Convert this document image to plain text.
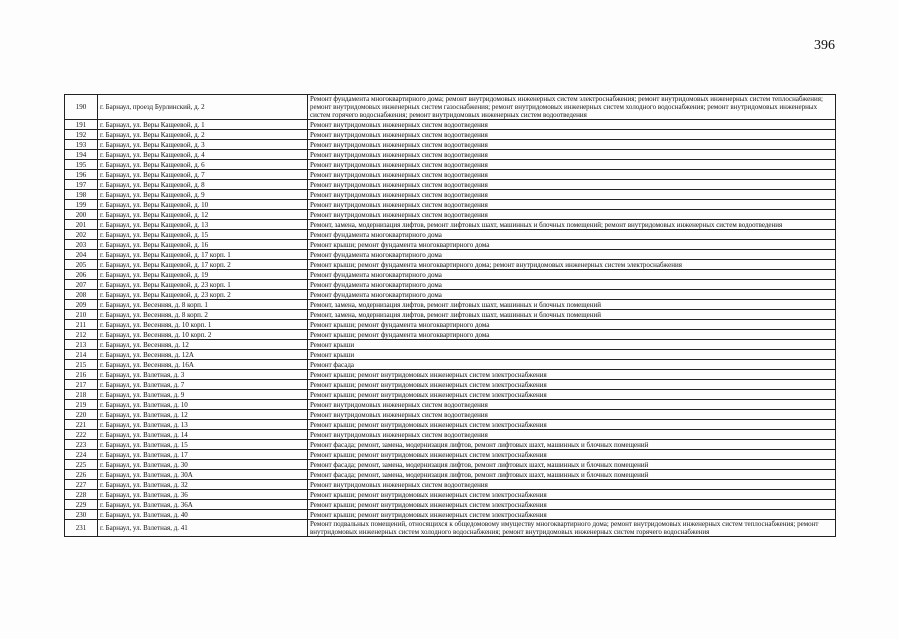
396
190	г. Барнаул, проезд Бурлинский, д. 2	Ремонт фундамента многоквартирного дома; ремонт внутридомовых инженерных систем электроснабжения; ремонт внутридомовых инженерных систем теплоснабжения; ремонт внутридомовых инженерных систем газоснабжения; ремонт внутридомовых инженерных систем холодного водоснабжения; ремонт внутридомовых инженерных систем горячего водоснабжения; ремонт внутридомовых инженерных систем водоотведения
191	г. Барнаул, ул. Веры Кащеевой, д. 1	Ремонт внутридомовых инженерных систем водоотведения
192	г. Барнаул, ул. Веры Кащеевой, д. 2	Ремонт внутридомовых инженерных систем водоотведения
193	г. Барнаул, ул. Веры Кащеевой, д. 3	Ремонт внутридомовых инженерных систем водоотведения
194	г. Барнаул, ул. Веры Кащеевой, д. 4	Ремонт внутридомовых инженерных систем водоотведения
195	г. Барнаул, ул. Веры Кащеевой, д. 6	Ремонт внутридомовых инженерных систем водоотведения
196	г. Барнаул, ул. Веры Кащеевой, д. 7	Ремонт внутридомовых инженерных систем водоотведения
197	г. Барнаул, ул. Веры Кащеевой, д. 8	Ремонт внутридомовых инженерных систем водоотведения
198	г. Барнаул, ул. Веры Кащеевой, д. 9	Ремонт внутридомовых инженерных систем водоотведения
199	г. Барнаул, ул. Веры Кащеевой, д. 10	Ремонт внутридомовых инженерных систем водоотведения
200	г. Барнаул, ул. Веры Кащеевой, д. 12	Ремонт внутридомовых инженерных систем водоотведения
201	г. Барнаул, ул. Веры Кащеевой, д. 13	Ремонт, замена, модернизация лифтов, ремонт лифтовых шахт, машинных и блочных помещений; ремонт внутридомовых инженерных систем водоотведения
202	г. Барнаул, ул. Веры Кащеевой, д. 15	Ремонт фундамента многоквартирного дома
203	г. Барнаул, ул. Веры Кащеевой, д. 16	Ремонт крыши; ремонт фундамента многоквартирного дома
204	г. Барнаул, ул. Веры Кащеевой, д. 17 корп. 1	Ремонт фундамента многоквартирного дома
205	г. Барнаул, ул. Веры Кащеевой, д. 17 корп. 2	Ремонт крыши; ремонт фундамента многоквартирного дома; ремонт внутридомовых инженерных систем электроснабжения
206	г. Барнаул, ул. Веры Кащеевой, д. 19	Ремонт фундамента многоквартирного дома
207	г. Барнаул, ул. Веры Кащеевой, д. 23 корп. 1	Ремонт фундамента многоквартирного дома
208	г. Барнаул, ул. Веры Кащеевой, д. 23 корп. 2	Ремонт фундамента многоквартирного дома
209	г. Барнаул, ул. Весенняя, д. 8 корп. 1	Ремонт, замена, модернизация лифтов, ремонт лифтовых шахт, машинных и блочных помещений
210	г. Барнаул, ул. Весенняя, д. 8 корп. 2	Ремонт, замена, модернизация лифтов, ремонт лифтовых шахт, машинных и блочных помещений
211	г. Барнаул, ул. Весенняя, д. 10 корп. 1	Ремонт крыши; ремонт фундамента многоквартирного дома
212	г. Барнаул, ул. Весенняя, д. 10 корп. 2	Ремонт крыши; ремонт фундамента многоквартирного дома
213	г. Барнаул, ул. Весенняя, д. 12	Ремонт крыши
214	г. Барнаул, ул. Весенняя, д. 12А	Ремонт крыши
215	г. Барнаул, ул. Весенняя, д. 16А	Ремонт фасада
216	г. Барнаул, ул. Взлетная, д. 3	Ремонт крыши; ремонт внутридомовых инженерных систем электроснабжения
217	г. Барнаул, ул. Взлетная, д. 7	Ремонт крыши; ремонт внутридомовых инженерных систем электроснабжения
218	г. Барнаул, ул. Взлетная, д. 9	Ремонт крыши; ремонт внутридомовых инженерных систем электроснабжения
219	г. Барнаул, ул. Взлетная, д. 10	Ремонт внутридомовых инженерных систем водоотведения
220	г. Барнаул, ул. Взлетная, д. 12	Ремонт внутридомовых инженерных систем водоотведения
221	г. Барнаул, ул. Взлетная, д. 13	Ремонт крыши; ремонт внутридомовых инженерных систем электроснабжения
222	г. Барнаул, ул. Взлетная, д. 14	Ремонт внутридомовых инженерных систем водоотведения
223	г. Барнаул, ул. Взлетная, д. 15	Ремонт фасада; ремонт, замена, модернизация лифтов, ремонт лифтовых шахт, машинных и блочных помещений
224	г. Барнаул, ул. Взлетная, д. 17	Ремонт крыши; ремонт внутридомовых инженерных систем электроснабжения
225	г. Барнаул, ул. Взлетная, д. 30	Ремонт фасада; ремонт, замена, модернизация лифтов, ремонт лифтовых шахт, машинных и блочных помещений
226	г. Барнаул, ул. Взлетная, д. 30А	Ремонт фасада; ремонт, замена, модернизация лифтов, ремонт лифтовых шахт, машинных и блочных помещений
227	г. Барнаул, ул. Взлетная, д. 32	Ремонт внутридомовых инженерных систем водоотведения
228	г. Барнаул, ул. Взлетная, д. 36	Ремонт крыши; ремонт внутридомовых инженерных систем электроснабжения
229	г. Барнаул, ул. Взлетная, д. 36А	Ремонт крыши; ремонт внутридомовых инженерных систем электроснабжения
230	г. Барнаул, ул. Взлетная, д. 40	Ремонт крыши; ремонт внутридомовых инженерных систем электроснабжения
231	г. Барнаул, ул. Взлетная, д. 41	Ремонт подвальных помещений, относящихся к общедомовому имуществу многоквартирного дома; ремонт внутридомовых инженерных систем теплоснабжения; ремонт внутридомовых инженерных систем холодного водоснабжения; ремонт внутридомовых инженерных систем горячего водоснабжения
